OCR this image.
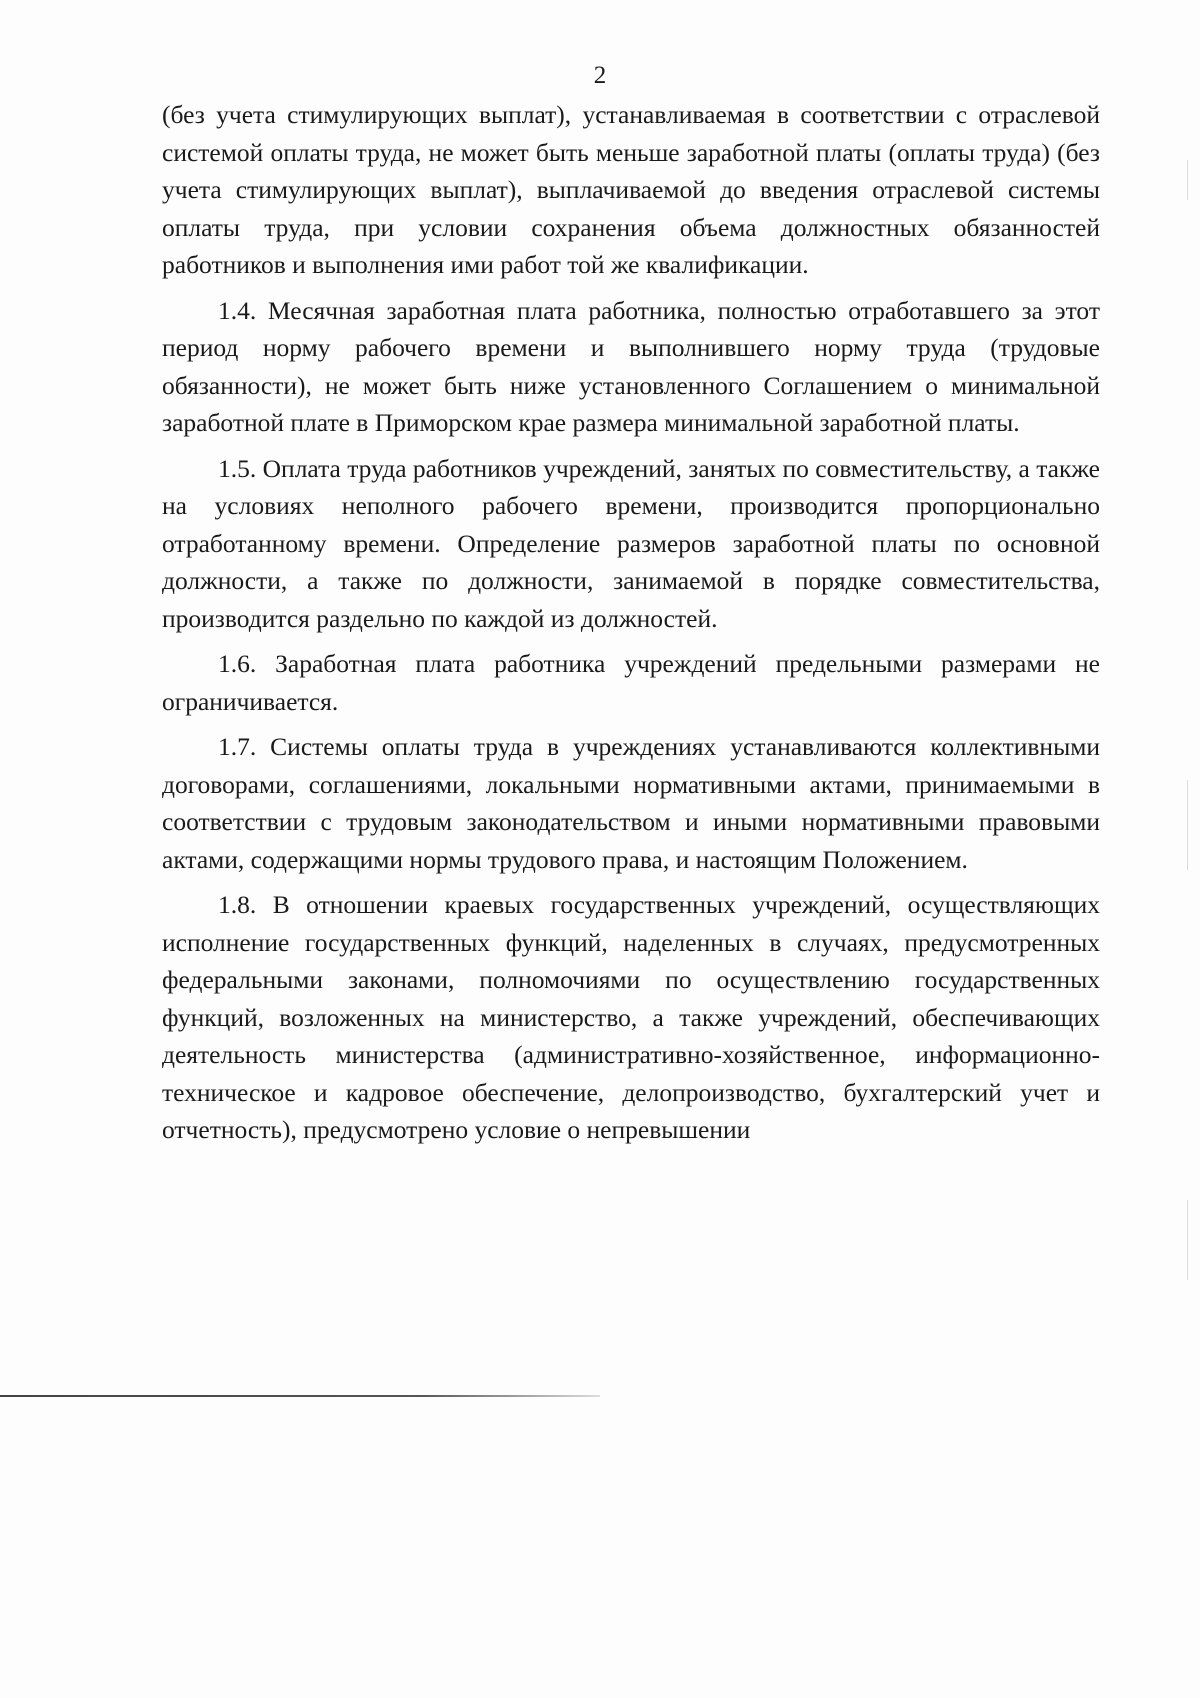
2

(без учета стимулирующих выплат), устанавливаемая в соответствии с отраслевой системой оплаты труда, не может быть меньше заработной платы (оплаты труда) (без учета стимулирующих выплат), выплачиваемой до введения отраслевой системы оплаты труда, при условии сохранения объема должностных обязанностей работников и выполнения ими работ той же квалификации.

1.4. Месячная заработная плата работника, полностью отработавшего за этот период норму рабочего времени и выполнившего норму труда (трудовые обязанности), не может быть ниже установленного Соглашением о минимальной заработной плате в Приморском крае размера минимальной заработной платы.

1.5. Оплата труда работников учреждений, занятых по совместительству, а также на условиях неполного рабочего времени, производится пропорционально отработанному времени. Определение размеров заработной платы по основной должности, а также по должности, занимаемой в порядке совместительства, производится раздельно по каждой из должностей.

1.6. Заработная плата работника учреждений предельными размерами не ограничивается.

1.7. Системы оплаты труда в учреждениях устанавливаются коллективными договорами, соглашениями, локальными нормативными актами, принимаемыми в соответствии с трудовым законодательством и иными нормативными правовыми актами, содержащими нормы трудового права, и настоящим Положением.

1.8. В отношении краевых государственных учреждений, осуществляющих исполнение государственных функций, наделенных в случаях, предусмотренных федеральными законами, полномочиями по осуществлению государственных функций, возложенных на министерство, а также учреждений, обеспечивающих деятельность министерства (административно-хозяйственное, информационно-техническое и кадровое обеспечение, делопроизводство, бухгалтерский учет и отчетность), предусмотрено условие о непревышении
